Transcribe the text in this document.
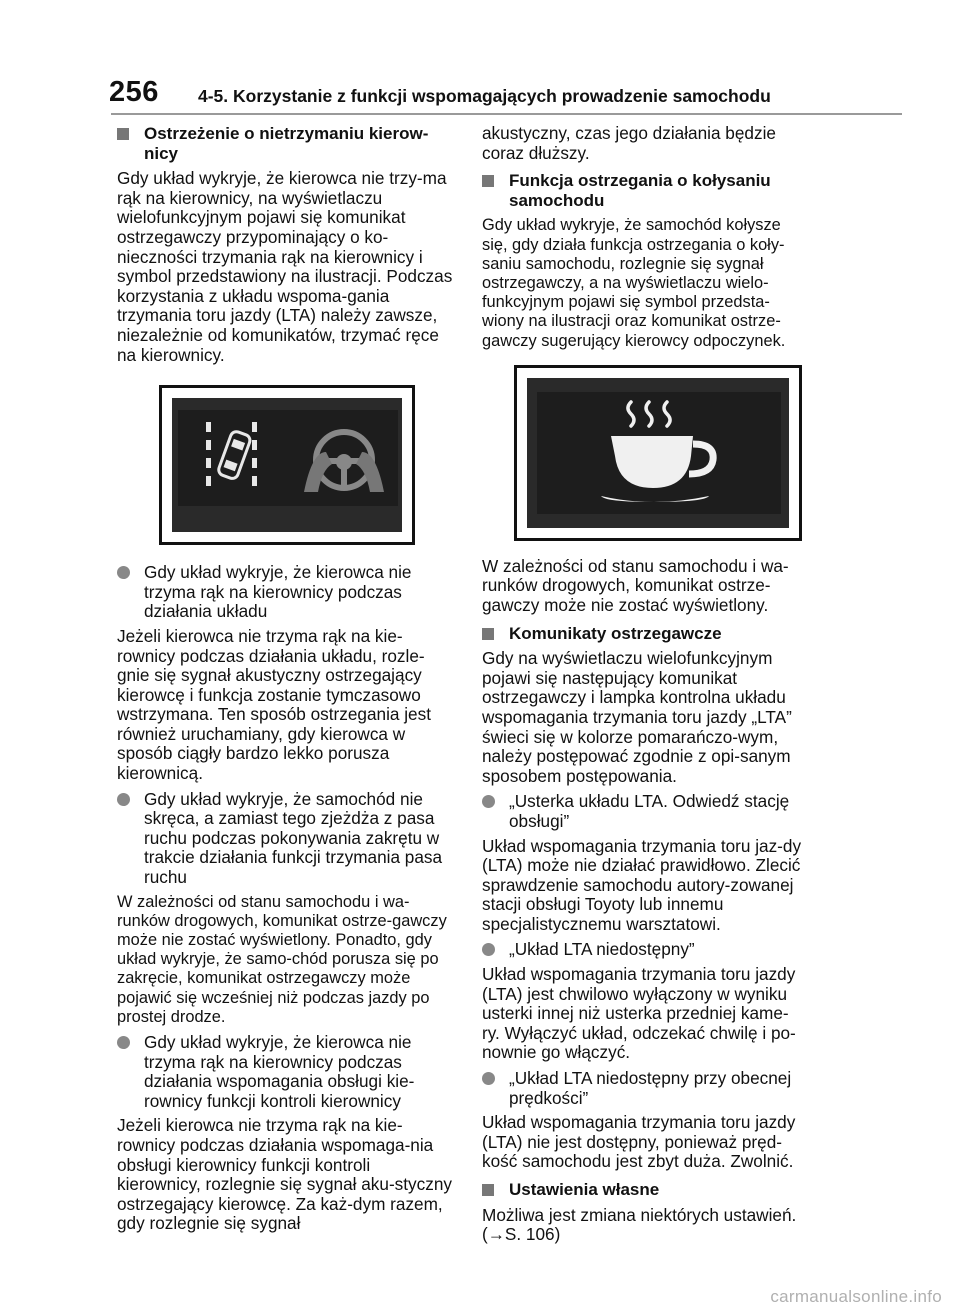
256 4-5. Korzystanie z funkcji wspomagających prowadzenie samochodu
Ostrzeżenie o nietrzymaniu kierow-nicy

Gdy układ wykryje, że kierowca nie trzy-ma rąk na kierownicy, na wyświetlaczu wielofunkcyjnym pojawi się komunikat ostrzegawczy przypominający o ko-nieczności trzymania rąk na kierownicy i symbol przedstawiony na ilustracji. Podczas korzystania z układu wspoma-gania trzymania toru jazdy (LTA) należy zawsze, niezależnie od komunikatów, trzymać ręce na kierownicy.

Gdy układ wykryje, że kierowca nie trzyma rąk na kierownicy podczas działania układu

Jeżeli kierowca nie trzyma rąk na kie-rownicy podczas działania układu, rozle-gnie się sygnał akustyczny ostrzegający kierowcę i funkcja zostanie tymczasowo wstrzymana. Ten sposób ostrzegania jest również uruchamiany, gdy kierowca w sposób ciągły bardzo lekko porusza kierownicą.

Gdy układ wykryje, że samochód nie skręca, a zamiast tego zjeżdża z pasa ruchu podczas pokonywania zakrętu w trakcie działania funkcji trzymania pasa ruchu

W zależności od stanu samochodu i wa-runków drogowych, komunikat ostrze-gawczy może nie zostać wyświetlony. Ponadto, gdy układ wykryje, że samo-chód porusza się po zakręcie, komunikat ostrzegawczy może pojawić się wcześniej niż podczas jazdy po prostej drodze.

Gdy układ wykryje, że kierowca nie trzyma rąk na kierownicy podczas działania wspomagania obsługi kie-rownicy funkcji kontroli kierownicy

Jeżeli kierowca nie trzyma rąk na kie-rownicy podczas działania wspomaga-nia obsługi kierownicy funkcji kontroli kierownicy, rozlegnie się sygnał aku-styczny ostrzegający kierowcę. Za każ-dym razem, gdy rozlegnie się sygnał

akustyczny, czas jego działania będzie coraz dłuższy.

Funkcja ostrzegania o kołysaniu samochodu

Gdy układ wykryje, że samochód kołysze się, gdy działa funkcja ostrzegania o koły-saniu samochodu, rozlegnie się sygnał ostrzegawczy, a na wyświetlaczu wielo-funkcyjnym pojawi się symbol przedsta-wiony na ilustracji oraz komunikat ostrze-gawczy sugerujący kierowcy odpoczynek.

W zależności od stanu samochodu i wa-runków drogowych, komunikat ostrze-gawczy może nie zostać wyświetlony.

Komunikaty ostrzegawcze

Gdy na wyświetlaczu wielofunkcyjnym pojawi się następujący komunikat ostrzegawczy i lampka kontrolna układu wspomagania trzymania toru jazdy „LTA” świeci się w kolorze pomarańczo-wym, należy postępować zgodnie z opi-sanym sposobem postępowania.

„Usterka układu LTA. Odwiedź stację obsługi”

Układ wspomagania trzymania toru jaz-dy (LTA) może nie działać prawidłowo. Zlecić sprawdzenie samochodu autory-zowanej stacji obsługi Toyoty lub innemu specjalistycznemu warsztatowi.

„Układ LTA niedostępny”

Układ wspomagania trzymania toru jazdy (LTA) jest chwilowo wyłączony w wyniku usterki innej niż usterka przedniej kame-ry. Wyłączyć układ, odczekać chwilę i po-nownie go włączyć.

„Układ LTA niedostępny przy obecnej prędkości”

Układ wspomagania trzymania toru jazdy (LTA) nie jest dostępny, ponieważ pręd-kość samochodu jest zbyt duża. Zwolnić.

Ustawienia własne

Możliwa jest zmiana niektórych ustawień. (→S. 106)

carmanualsonline.info
